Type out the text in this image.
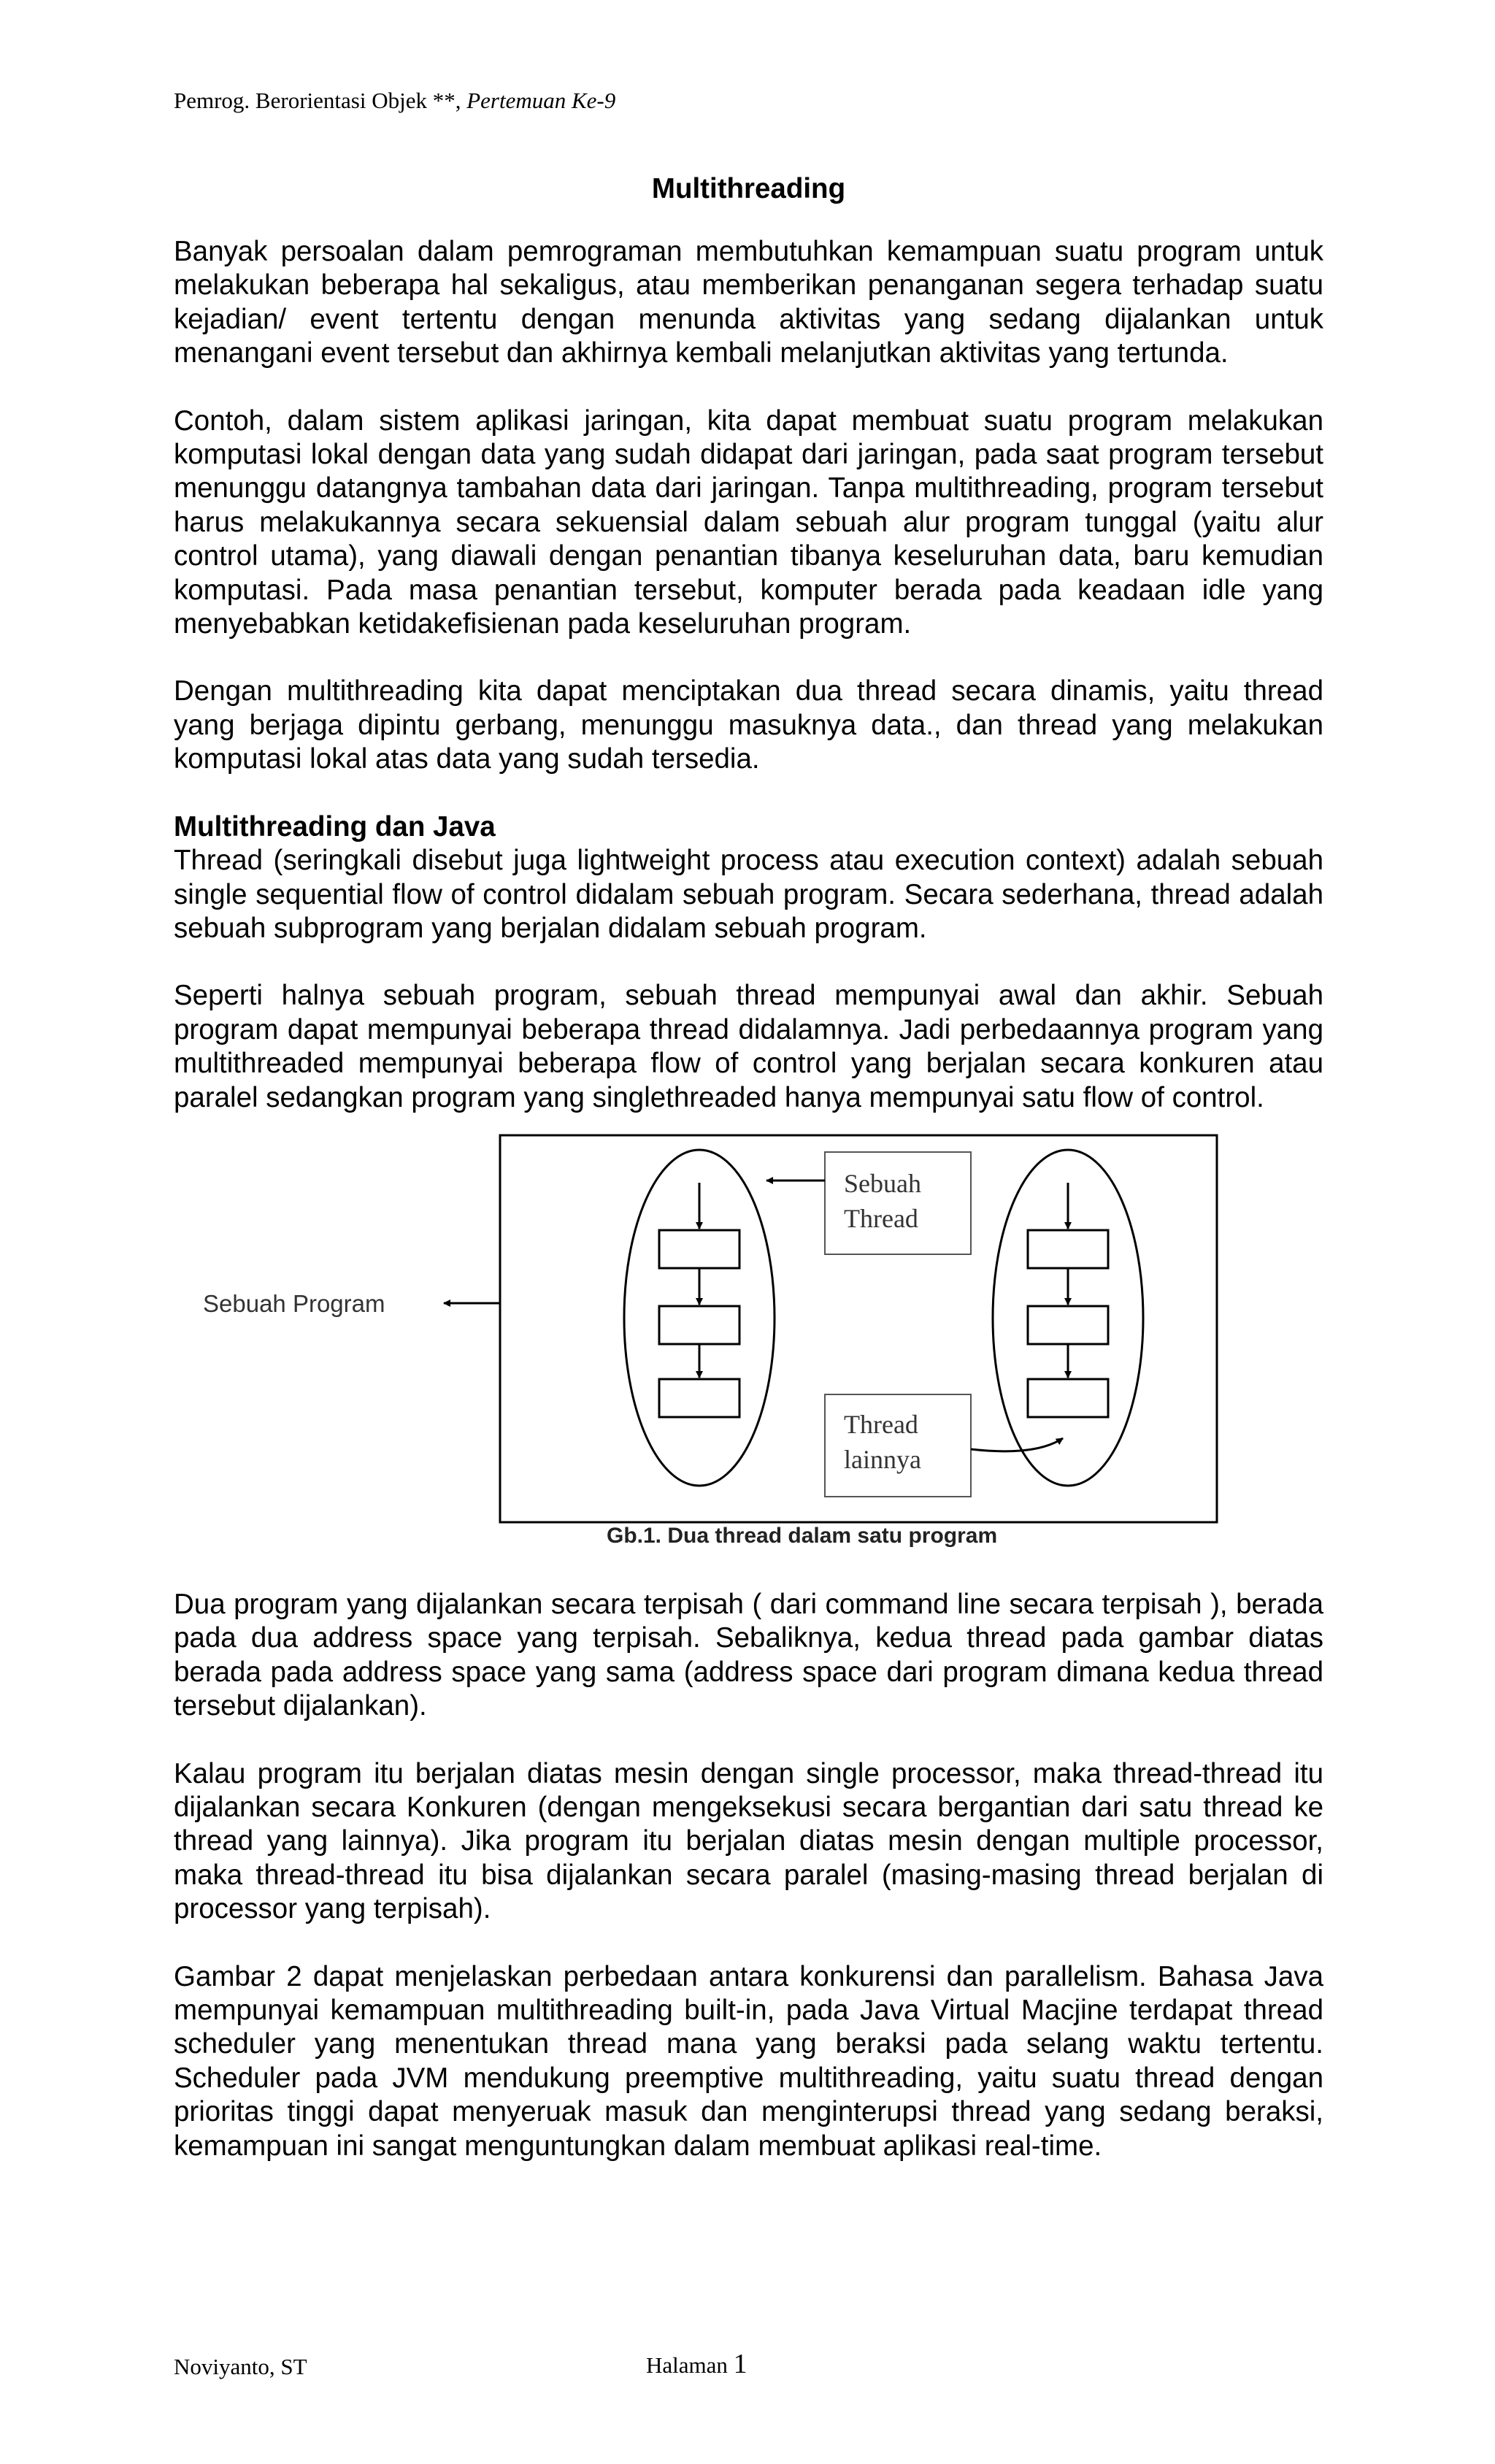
Pemrog. Berorientasi Objek **, Pertemuan Ke-9

Multithreading

Banyak persoalan dalam pemrograman membutuhkan kemampuan suatu program untuk melakukan beberapa hal sekaligus, atau memberikan penanganan segera terhadap suatu kejadian/ event tertentu dengan menunda aktivitas yang sedang dijalankan untuk menangani event tersebut dan akhirnya kembali melanjutkan aktivitas yang tertunda.

Contoh, dalam sistem aplikasi jaringan, kita dapat membuat suatu program melakukan komputasi lokal dengan data yang sudah didapat dari jaringan, pada saat program tersebut menunggu datangnya tambahan data dari jaringan. Tanpa multithreading, program tersebut harus melakukannya secara sekuensial dalam sebuah alur program tunggal (yaitu alur control utama), yang diawali dengan penantian tibanya keseluruhan data, baru kemudian komputasi. Pada masa penantian tersebut, komputer berada pada keadaan idle yang menyebabkan ketidakefisienan pada keseluruhan program.

Dengan multithreading kita dapat menciptakan dua thread secara dinamis, yaitu thread yang berjaga dipintu gerbang, menunggu masuknya data., dan thread yang melakukan komputasi lokal atas data yang sudah tersedia.

Multithreading dan Java

Thread (seringkali disebut juga lightweight process atau execution context) adalah sebuah single sequential flow of control didalam sebuah program. Secara sederhana, thread adalah sebuah subprogram yang berjalan didalam sebuah program.

Seperti halnya sebuah program, sebuah thread mempunyai awal dan akhir. Sebuah program dapat mempunyai beberapa thread didalamnya. Jadi perbedaannya program yang multithreaded mempunyai beberapa flow of control yang berjalan secara konkuren atau paralel sedangkan program yang singlethreaded hanya mempunyai satu flow of control.

Sebuah Program
Sebuah
Thread
Thread
lainnya
Gb.1. Dua thread dalam satu program

Dua program yang dijalankan secara terpisah ( dari command line secara terpisah ), berada pada dua address space yang terpisah. Sebaliknya, kedua thread pada gambar diatas berada pada address space yang sama (address space dari program dimana kedua thread tersebut dijalankan).

Kalau program itu berjalan diatas mesin dengan single processor, maka thread-thread itu dijalankan secara Konkuren (dengan mengeksekusi secara bergantian dari satu thread ke thread yang lainnya). Jika program itu berjalan diatas mesin dengan multiple processor, maka thread-thread itu bisa dijalankan secara paralel (masing-masing thread berjalan di processor yang terpisah).

Gambar 2 dapat menjelaskan perbedaan antara konkurensi dan parallelism. Bahasa Java mempunyai kemampuan multithreading built-in, pada Java Virtual Macjine terdapat thread scheduler yang menentukan thread mana yang beraksi pada selang waktu tertentu. Scheduler pada JVM mendukung preemptive multithreading, yaitu suatu thread dengan prioritas tinggi dapat menyeruak masuk dan menginterupsi thread yang sedang beraksi, kemampuan ini sangat menguntungkan dalam membuat aplikasi real-time.

Noviyanto, ST	Halaman 1
